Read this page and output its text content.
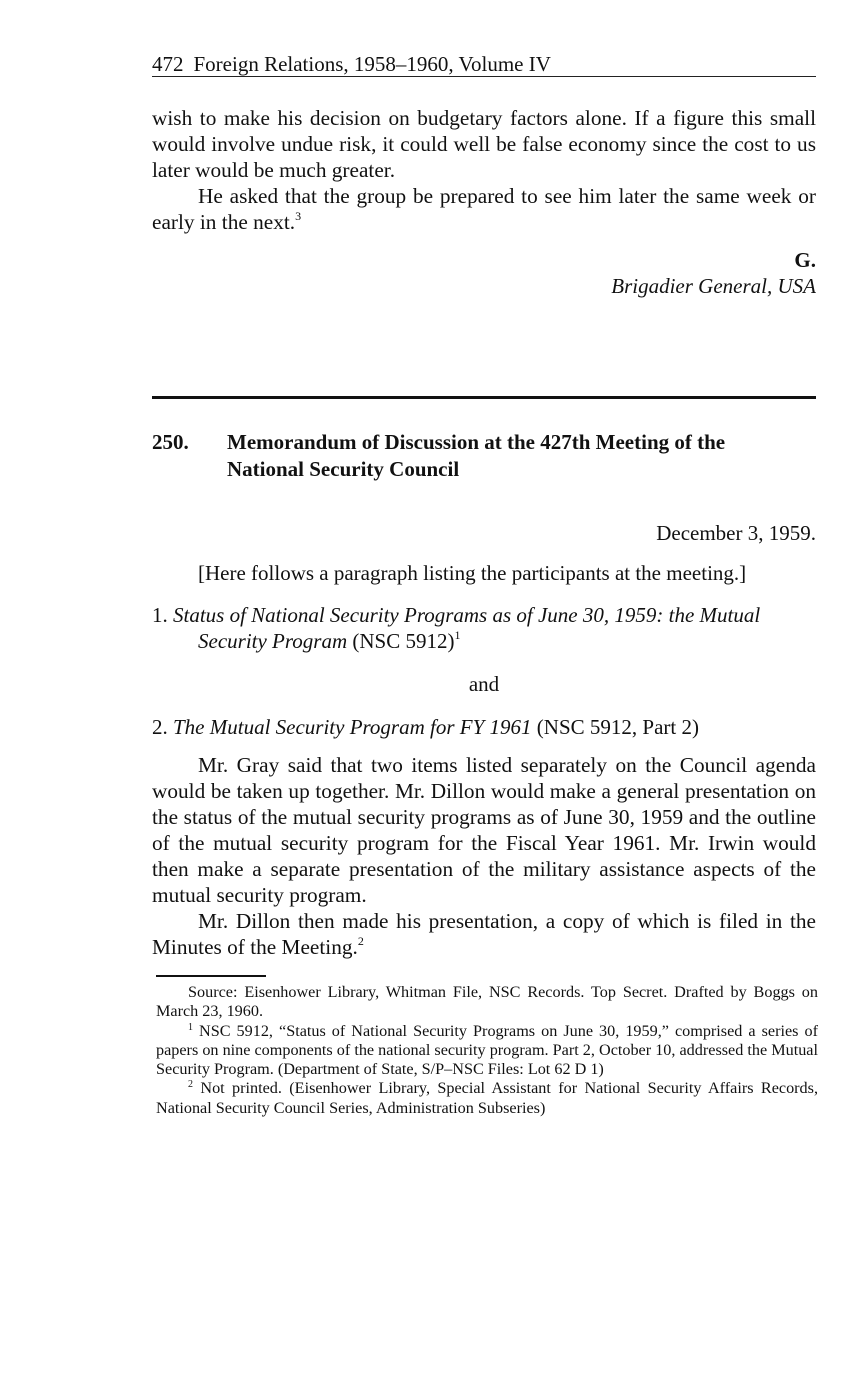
472 Foreign Relations, 1958–1960, Volume IV

wish to make his decision on budgetary factors alone. If a figure this small would involve undue risk, it could well be false economy since the cost to us later would be much greater.

He asked that the group be prepared to see him later the same week or early in the next.$^3$

G.
Brigadier General, USA
250. Memorandum of Discussion at the 427th Meeting of the National Security Council
December 3, 1959.
[Here follows a paragraph listing the participants at the meeting.]
1. Status of National Security Programs as of June 30, 1959: the Mutual Security Program (NSC 5912)$^1$
and
2. The Mutual Security Program for FY 1961 (NSC 5912, Part 2)

Mr. Gray said that two items listed separately on the Council agenda would be taken up together. Mr. Dillon would make a general presentation on the status of the mutual security programs as of June 30, 1959 and the outline of the mutual security program for the Fiscal Year 1961. Mr. Irwin would then make a separate presentation of the military assistance aspects of the mutual security program.

Mr. Dillon then made his presentation, a copy of which is filed in the Minutes of the Meeting.$^2$

Source: Eisenhower Library, Whitman File, NSC Records. Top Secret. Drafted by Boggs on March 23, 1960.

$^1$ NSC 5912, “Status of National Security Programs on June 30, 1959,” comprised a series of papers on nine components of the national security program. Part 2, October 10, addressed the Mutual Security Program. (Department of State, S/P–NSC Files: Lot 62 D 1)

$^2$ Not printed. (Eisenhower Library, Special Assistant for National Security Affairs Records, National Security Council Series, Administration Subseries)
